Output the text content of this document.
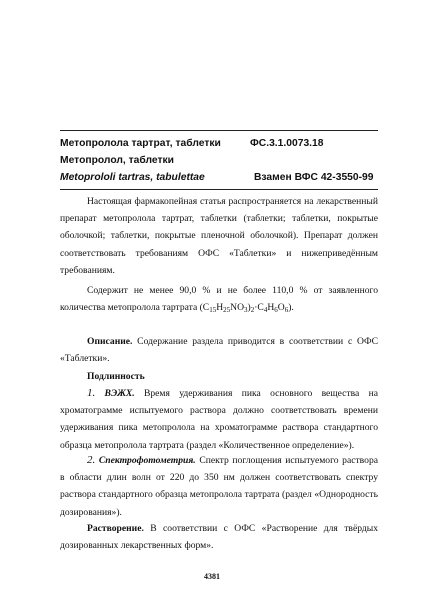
Метопролола тартрат, таблетки	ФС.3.1.0073.18
Метопролол, таблетки
Metoprololi tartras, tabulettae	Взамен ВФС 42-3550-99
Настоящая фармакопейная статья распространяется на лекарственный препарат метопролола тартрат, таблетки (таблетки; таблетки, покрытые оболочкой; таблетки, покрытые пленочной оболочкой). Препарат должен соответствовать требованиям ОФС «Таблетки» и нижеприведённым требованиям.
Содержит не менее 90,0 % и не более 110,0 % от заявленного количества метопролола тартрата $(C_{15}H_{25}NO_3)_2\cdot C_4H_6O_6$).
Описание. Содержание раздела приводится в соответствии с ОФС «Таблетки».
Подлинность
1. ВЭЖХ. Время удерживания пика основного вещества на хроматограмме испытуемого раствора должно соответствовать времени удерживания пика метопролола на хроматограмме раствора стандартного образца метопролола тартрата (раздел «Количественное определение»).
2. Спектрофотометрия. Спектр поглощения испытуемого раствора в области длин волн от 220 до 350 нм должен соответствовать спектру раствора стандартного образца метопролола тартрата (раздел «Однородность дозирования»).
Растворение. В соответствии с ОФС «Растворение для твёрдых дозированных лекарственных форм».
4381
